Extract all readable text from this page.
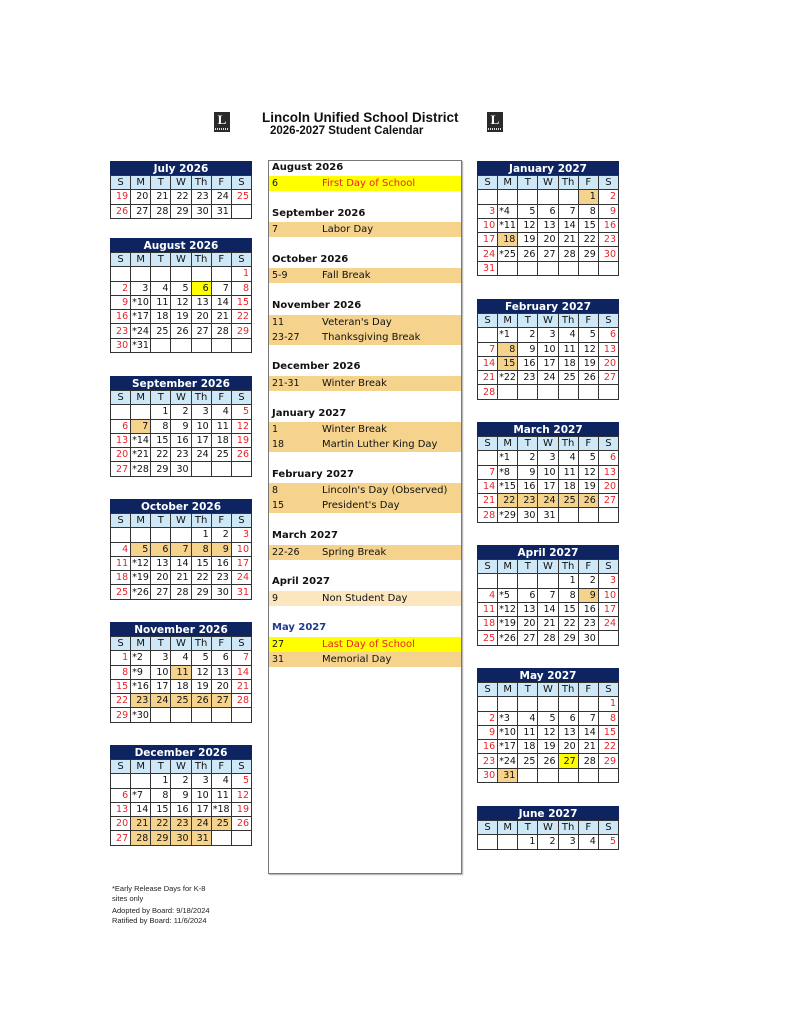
L	Lincoln Unified School District
2026-2027 Student Calendar
L
July 2026
S	M	T	W	Th	F	S
19	20	21	22	23	24	25
26	27	28	29	30	31	
August 2026
S	M	T	W	Th	F	S
						1
2	3	4	5	6	7	8
9	*10	11	12	13	14	15
16	*17	18	19	20	21	22
23	*24	25	26	27	28	29
30	*31					
September 2026
S	M	T	W	Th	F	S
		1	2	3	4	5
6	7	8	9	10	11	12
13	*14	15	16	17	18	19
20	*21	22	23	24	25	26
27	*28	29	30			
October 2026
S	M	T	W	Th	F	S
				1	2	3
4	5	6	7	8	9	10
11	*12	13	14	15	16	17
18	*19	20	21	22	23	24
25	*26	27	28	29	30	31
November 2026
S	M	T	W	Th	F	S
1	*2	3	4	5	6	7
8	*9	10	11	12	13	14
15	*16	17	18	19	20	21
22	23	24	25	26	27	28
29	*30					
December 2026
S	M	T	W	Th	F	S
		1	2	3	4	5
6	*7	8	9	10	11	12
13	14	15	16	17	*18	19
20	21	22	23	24	25	26
27	28	29	30	31		
January 2027
S	M	T	W	Th	F	S
					1	2
3	*4	5	6	7	8	9
10	*11	12	13	14	15	16
17	18	19	20	21	22	23
24	*25	26	27	28	29	30
31						
February 2027
S	M	T	W	Th	F	S
	*1	2	3	4	5	6
7	8	9	10	11	12	13
14	15	16	17	18	19	20
21	*22	23	24	25	26	27
28						
March 2027
S	M	T	W	Th	F	S
	*1	2	3	4	5	6
7	*8	9	10	11	12	13
14	*15	16	17	18	19	20
21	22	23	24	25	26	27
28	*29	30	31			
April 2027
S	M	T	W	Th	F	S
				1	2	3
4	*5	6	7	8	9	10
11	*12	13	14	15	16	17
18	*19	20	21	22	23	24
25	*26	27	28	29	30	
May 2027
S	M	T	W	Th	F	S
						1
2	*3	4	5	6	7	8
9	*10	11	12	13	14	15
16	*17	18	19	20	21	22
23	*24	25	26	27	28	29
30	31					
June 2027
S	M	T	W	Th	F	S
		1	2	3	4	5
August 2026
6	First Day of School
September 2026
7	Labor Day
October 2026
5-9	Fall Break
November 2026
11	Veteran's Day
23-27 Thanksgiving Break
December 2026
21-31 Winter Break
January 2027
1	Winter Break
18	Martin Luther King Day
February 2027
8	Lincoln's Day (Observed)
15	President's Day
March 2027
22-26 Spring Break
April 2027
9	Non Student Day
May 2027
27	Last Day of School
31	Memorial Day
*Early Release Days for K-8
sites only
Adopted by Board: 9/18/2024
Ratified by Board: 11/6/2024
